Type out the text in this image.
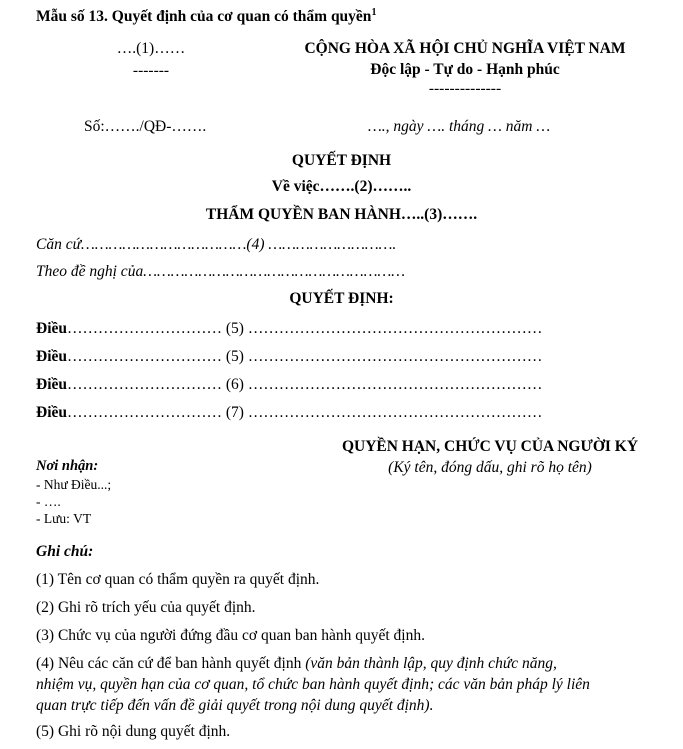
Mẫu số 13. Quyết định của cơ quan có thẩm quyền$^1$
….(1)……
-------
CỘNG HÒA XÃ HỘI CHỦ NGHĨA VIỆT NAM
Độc lập - Tự do - Hạnh phúc
--------------
Số:……./QĐ-…….	…., ngày …. tháng … năm …
QUYẾT ĐỊNH
Về việc…….(2)……..
THẨM QUYỀN BAN HÀNH…..(3)…….
Căn cứ………………………………(4) ……………………….
Theo đề nghị của…………………………………………………
QUYẾT ĐỊNH:
Điều………………………… (5) …………………………………………………
Điều………………………… (5) …………………………………………………
Điều………………………… (6) …………………………………………………
Điều………………………… (7) …………………………………………………
QUYỀN HẠN, CHỨC VỤ CỦA NGƯỜI KÝ
(Ký tên, đóng dấu, ghi rõ họ tên)
Nơi nhận:
- Như Điều...;
- ….
- Lưu: VT
Ghi chú:
(1) Tên cơ quan có thẩm quyền ra quyết định.
(2) Ghi rõ trích yếu của quyết định.
(3) Chức vụ của người đứng đầu cơ quan ban hành quyết định.
(4) Nêu các căn cứ để ban hành quyết định (văn bản thành lập, quy định chức năng,
nhiệm vụ, quyền hạn của cơ quan, tổ chức ban hành quyết định; các văn bản pháp lý liên
quan trực tiếp đến vấn đề giải quyết trong nội dung quyết định).
(5) Ghi rõ nội dung quyết định.
